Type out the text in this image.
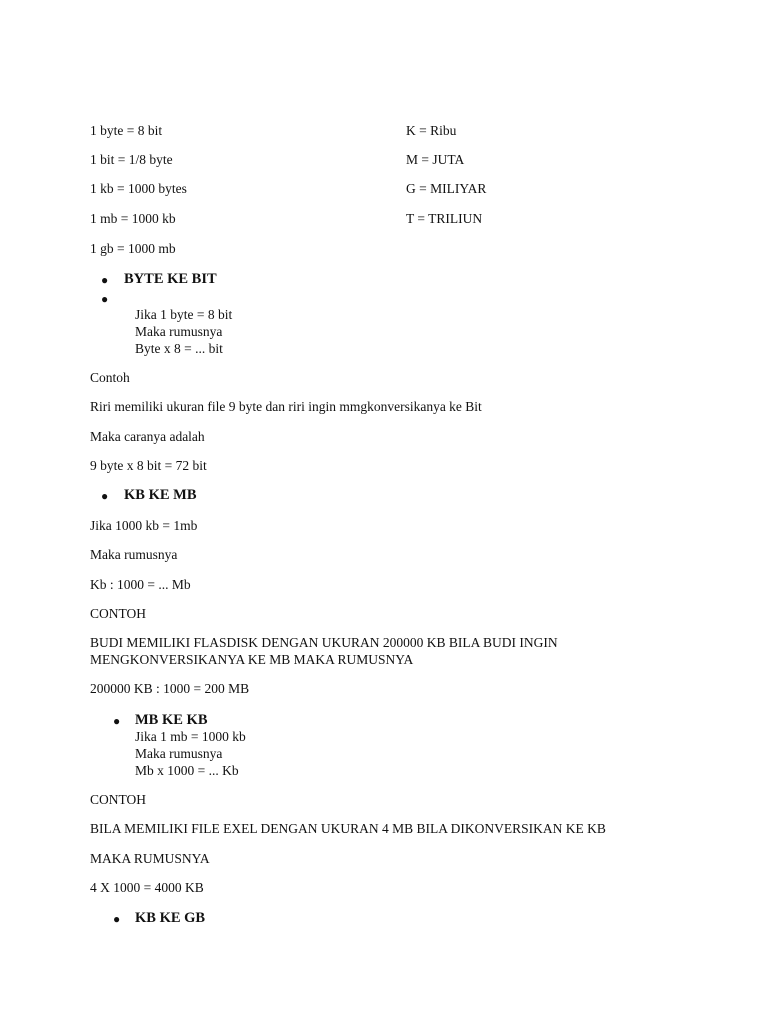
1 byte = 8 bit
1 bit = 1/8 byte
1 kb = 1000 bytes
1 mb = 1000 kb
1 gb = 1000 mb
K = Ribu
M = JUTA
G = MILIYAR
T = TRILIUN
● BYTE KE BIT
●
Jika 1 byte = 8 bit
Maka rumusnya
Byte x 8 = ... bit
Contoh
Riri memiliki ukuran file 9 byte dan riri ingin mmgkonversikanya ke Bit
Maka caranya adalah
9 byte x 8 bit = 72 bit
● KB KE MB
Jika 1000 kb = 1mb
Maka rumusnya
Kb : 1000 = ... Mb
CONTOH
BUDI MEMILIKI FLASDISK DENGAN UKURAN 200000 KB BILA BUDI INGIN MENGKONVERSIKANYA KE MB MAKA RUMUSNYA
200000 KB : 1000 = 200 MB
● MB KE KB
Jika 1 mb = 1000 kb
Maka rumusnya
Mb x 1000 = ... Kb
CONTOH
BILA MEMILIKI FILE EXEL DENGAN UKURAN 4 MB BILA DIKONVERSIKAN KE KB
MAKA RUMUSNYA
4 X 1000 = 4000 KB
● KB KE GB
